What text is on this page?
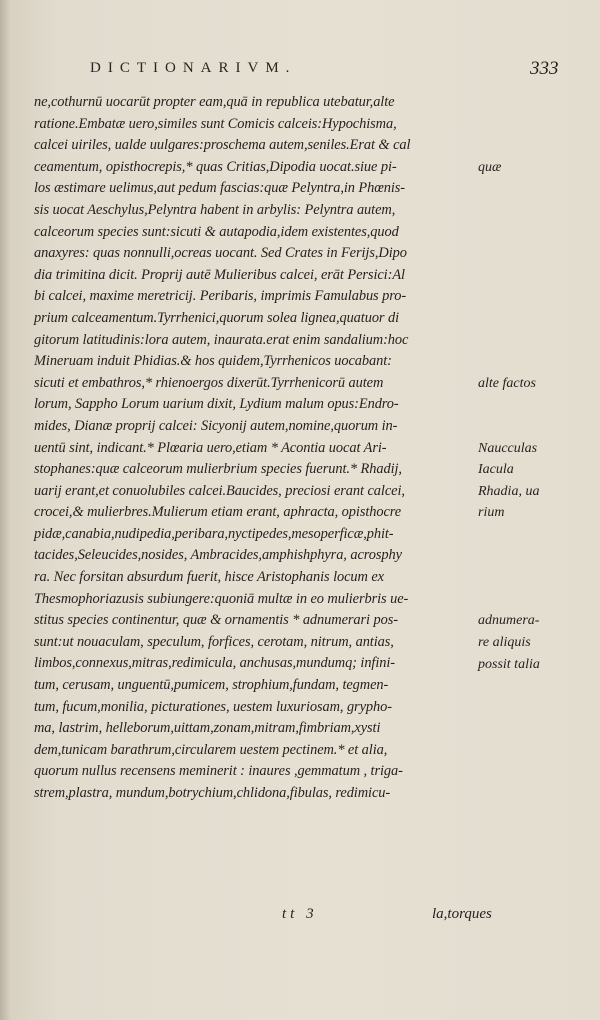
DICTIONARIVM.	333
ne,cothurnū uocarūt propter eam,quā in republica utebatur,alte
ratione.Embatæ uero,similes sunt Comicis calceis:Hypochisma,
calcei uiriles, ualde uulgares:proschema autem,seniles.Erat & cal
ceamentum, opisthocrepis,* quas Critias,Dipodia uocat.siue pi-
los æstimare uelimus,aut pedum fascias:quæ Pelyntra,in Phœnis-
sis uocat Aeschylus,Pelyntra habent in arbylis: Pelyntra autem,
calceorum species sunt:sicuti & autapodia,idem existentes,quod
anaxyres: quas nonnulli,ocreas uocant. Sed Crates in Ferijs,Dipo
dia trimitina dicit. Proprij autē Mulieribus calcei, erāt Persici:Al
bi calcei, maxime meretricij. Peribaris, imprimis Famulabus pro-
prium calceamentum.Tyrrhenici,quorum solea lignea,quatuor di
gitorum latitudinis:lora autem, inaurata.erat enim sandalium:hoc
Mineruam induit Phidias.& hos quidem,Tyrrhenicos uocabant:
sicuti et embathros,* rhienoergos dixerūt.Tyrrhenicorū autem
lorum, Sappho Lorum uarium dixit, Lydium malum opus:Endro-
mides, Dianæ proprij calcei: Sicyonij autem,nomine,quorum in-
uentū sint, indicant.* Plœaria uero,etiam * Acontia uocat Ari-
stophanes:quæ calceorum mulierbrium species fuerunt.* Rhadij,
uarij erant,et conuolubiles calcei.Baucides, preciosi erant calcei,
crocei,& mulierbres.Mulierum etiam erant, aphracta, opisthocre
pidæ,canabia,nudipedia,peribara,nyctipedes,mesoperficæ,phit-
tacides,Seleucides,nosides, Ambracides,amphishphyra, acrosphy
ra. Nec forsitan absurdum fuerit, hisce Aristophanis locum ex
Thesmophoriazusis subiungere:quoniā multæ in eo mulierbris ue-
stitus species continentur, quæ & ornamentis * adnumerari pos-
sunt:ut nouaculam, speculum, forfices, cerotam, nitrum, antias,
limbos,connexus,mitras,redimicula, anchusas,mundumq; infini-
tum, cerusam, unguentū,pumicem, strophium,fundam, tegmen-
tum, fucum,monilia, picturationes, uestem luxuriosam, grypho-
ma, lastrim, helleborum,uittam,zonam,mitram,fimbriam,xysti
dem,tunicam barathrum,circularem uestem pectinem.* et alia,
quorum nullus recensens meminerit : inaures ,gemmatum , triga-
strem,plastra, mundum,botrychium,chlidona,fibulas, redimicu-
quæ
alte factos
Naucculas
Iacula
Rhadia, ua
rium
adnumera-
re aliquis
possit talia
tt 3	la,torques
